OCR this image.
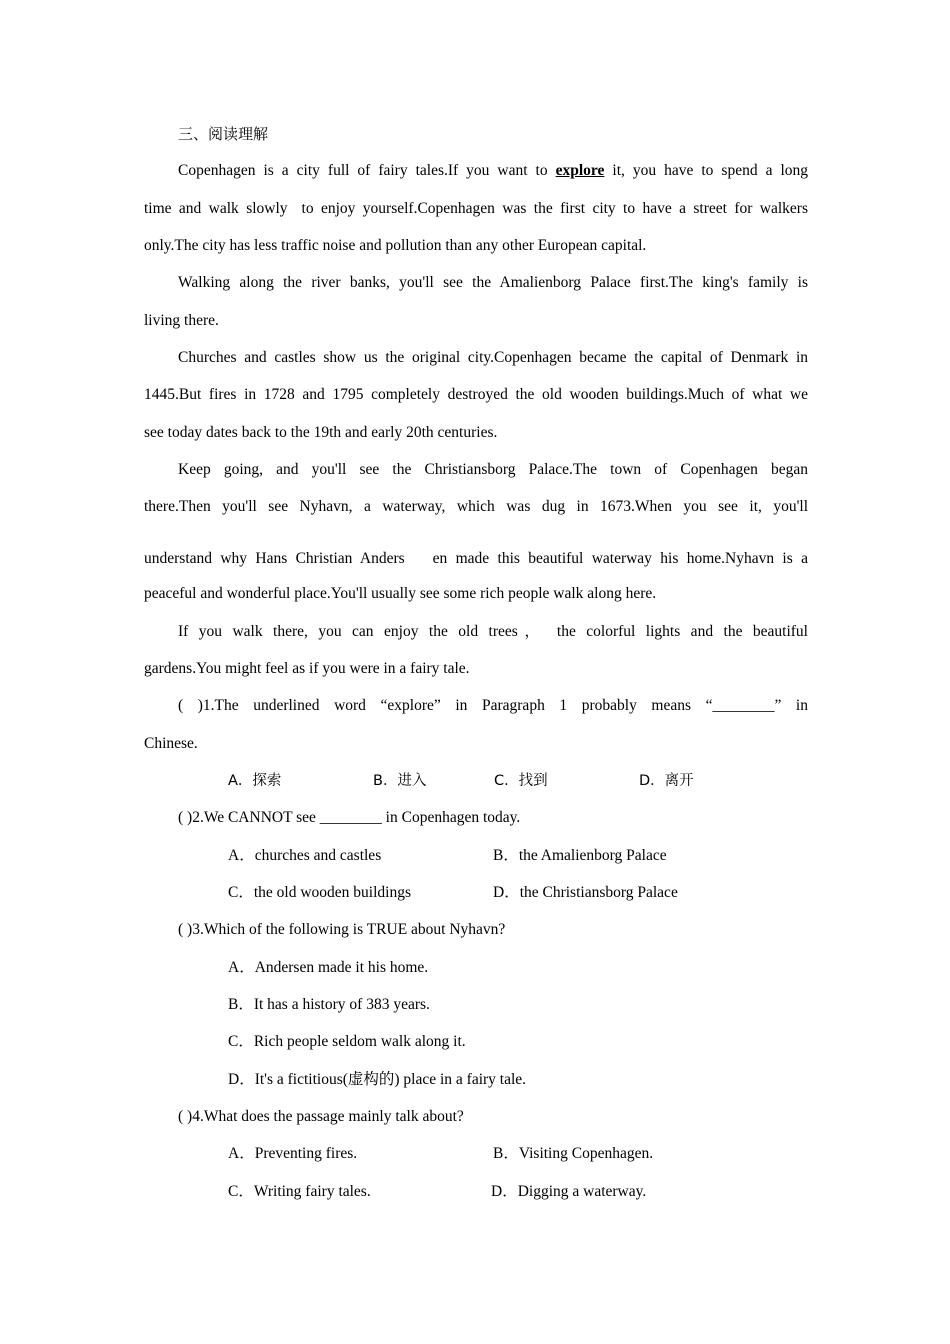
三、阅读理解
Copenhagen is a city full of fairy tales.If you want to explore it, you have to spend a long
time and walk slowly to enjoy yourself.Copenhagen was the first city to have a street for walkers
only.The city has less traffic noise and pollution than any other European capital.
Walking along the river banks, you'll see the Amalienborg Palace first.The king's family is
living there.
Churches and castles show us the original city.Copenhagen became the capital of Denmark in
1445.But fires in 1728 and 1795 completely destroyed the old wooden buildings.Much of what we
see today dates back to the 19th and early 20th centuries.
Keep going, and you'll see the Christiansborg Palace.The town of Copenhagen began
there.Then you'll see Nyhavn, a waterway, which was dug in 1673.When you see it, you'll
understand why Hans Christian Anders en made this beautiful waterway his home.Nyhavn is a
peaceful and wonderful place.You'll usually see some rich people walk along here.
If you walk there, you can enjoy the old trees， the colorful lights and the beautiful
gardens.You might feel as if you were in a fairy tale.
( )1.The underlined word “explore” in Paragraph 1 probably means “________” in
Chinese.
A．探索	B．进入	C．找到	D．离开
( )2.We CANNOT see ________ in Copenhagen today.
A．churches and castles	B．the Amalienborg Palace
C．the old wooden buildings	D．the Christiansborg Palace
( )3.Which of the following is TRUE about Nyhavn?
A．Andersen made it his home.
B．It has a history of 383 years.
C．Rich people seldom walk along it.
D．It's a fictitious(虚构的) place in a fairy tale.
( )4.What does the passage mainly talk about?
A．Preventing fires.	B．Visiting Copenhagen.
C．Writing fairy tales.	D．Digging a waterway.
